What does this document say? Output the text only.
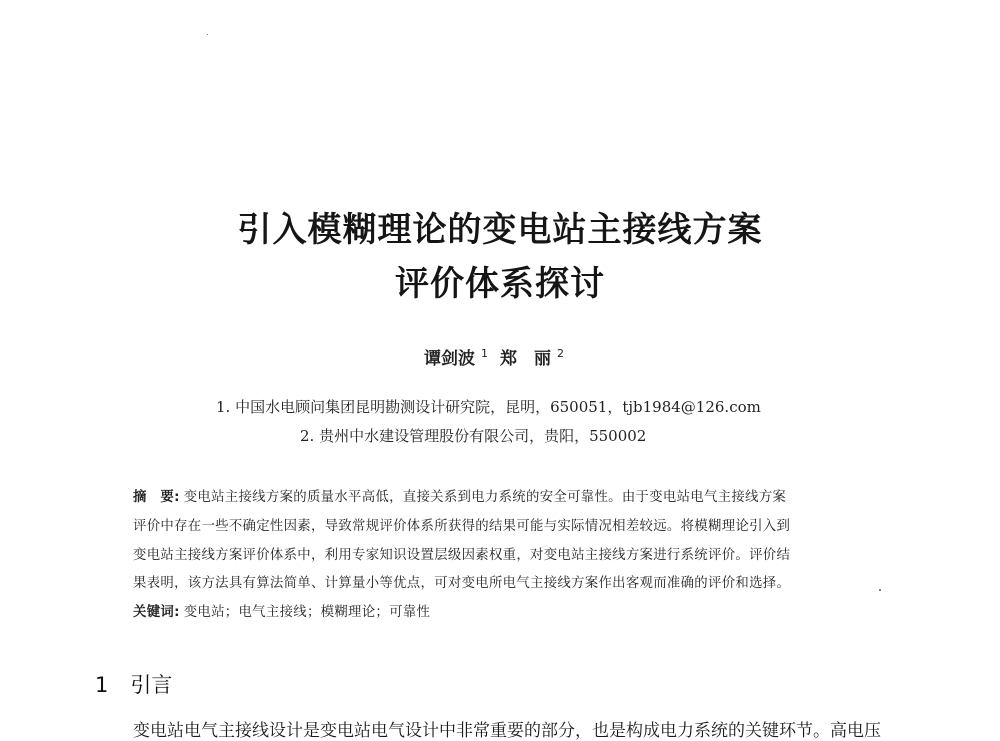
引入模糊理论的变电站主接线方案
评价体系探讨
谭剑波 $^1$ 郑　丽 $^2$
1. 中国水电顾问集团昆明勘测设计研究院，昆明，650051，tjb1984@126.com
2. 贵州中水建设管理股份有限公司，贵阳，550002
摘　要: 变电站主接线方案的质量水平高低，直接关系到电力系统的安全可靠性。由于变电站电气主接线方案
评价中存在一些不确定性因素，导致常规评价体系所获得的结果可能与实际情况相差较远。将模糊理论引入到
变电站主接线方案评价体系中，利用专家知识设置层级因素权重，对变电站主接线方案进行系统评价。评价结
果表明，该方法具有算法简单、计算量小等优点，可对变电所电气主接线方案作出客观而准确的评价和选择。
关键词: 变电站；电气主接线；模糊理论；可靠性
1 引言
变电站电气主接线设计是变电站电气设计中非常重要的部分，也是构成电力系统的关键环节。高电压
